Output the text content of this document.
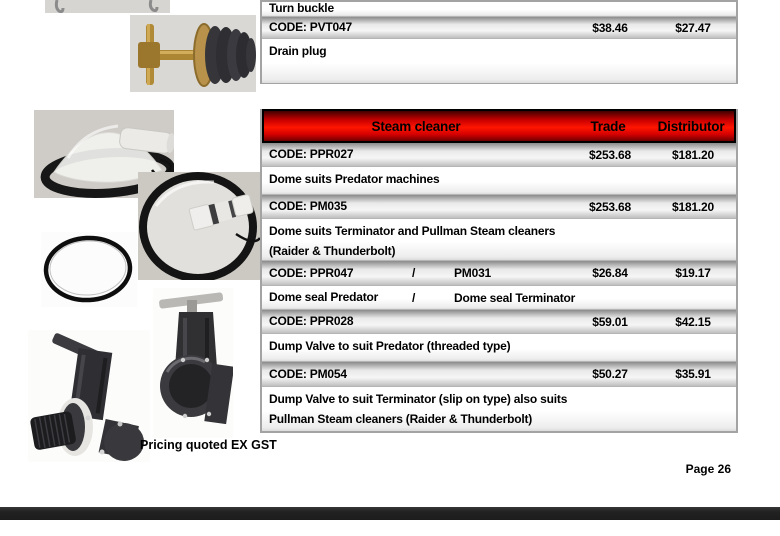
Turn buckle
CODE: PVT047	$38.46	$27.47
Drain plug
Steam cleaner	Trade	Distributor
CODE: PPR027	$253.68	$181.20
Dome suits Predator machines
CODE: PM035	$253.68	$181.20
Dome suits Terminator and Pullman Steam cleaners
(Raider & Thunderbolt)
CODE: PPR047	/	PM031	$26.84	$19.17
Dome seal Predator	/	Dome seal Terminator
CODE: PPR028	$59.01	$42.15
Dump Valve to suit Predator (threaded type)
CODE: PM054	$50.27	$35.91
Dump Valve to suit Terminator (slip on type) also suits
Pullman Steam cleaners (Raider & Thunderbolt)
Pricing quoted EX GST
Page 26
